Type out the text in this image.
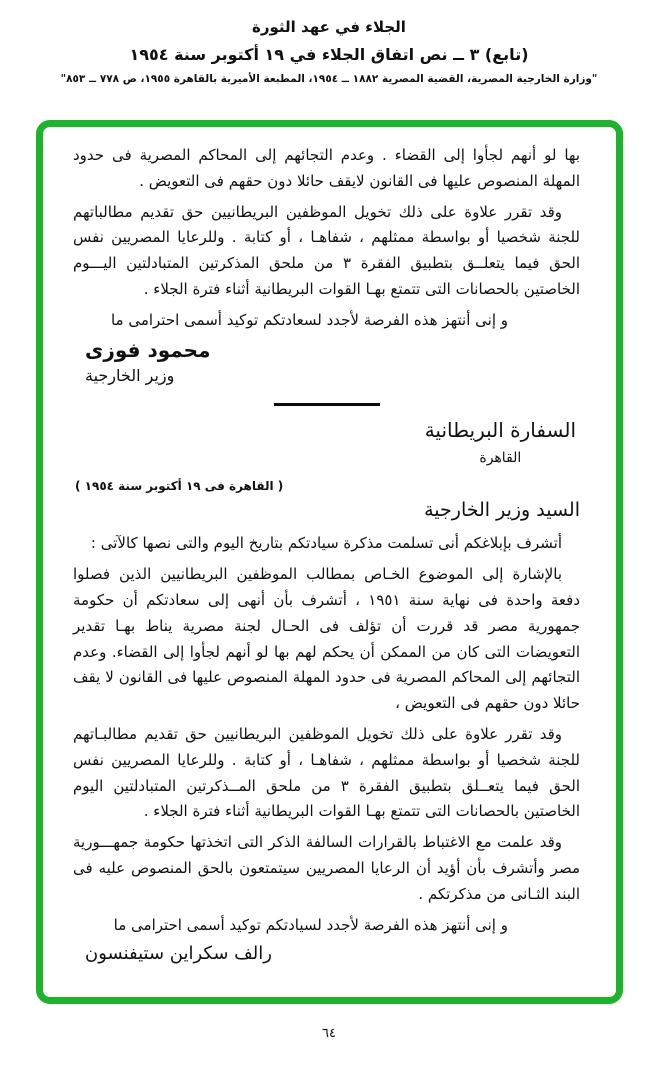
الجلاء في عهد الثورة
(تابع) ٣ ــ نص اتفاق الجلاء في ١٩ أكتوبر سنة ١٩٥٤
"وزارة الخارجية المصرية، القضية المصرية ١٨٨٢ ــ ١٩٥٤، المطبعة الأميرية بالقاهرة ١٩٥٥، ص ٧٧٨ ــ ٨٥٣"

بها لو أنهم لجأوا إلى القضاء . وعدم التجائهم إلى المحاكم المصرية فى حدود المهلة المنصوص عليها فى القانون لايقف حائلا دون حقهم فى التعويض .

وقد تقرر علاوة على ذلك تخويل الموظفين البريطانيين حق تقديم مطالباتهم للجنة شخصيا أو بواسطة ممثلهم ، شفاهـا ، أو كتابة . وللرعايا المصريين نفس الحق فيما يتعلــق بتطبيق الفقرة ٣ من ملحق المذكرتين المتبادلتين اليـــوم الخاصتين بالحصانات التى تتمتع بهـا القوات البريطانية أثناء فترة الجلاء .

و إنى أنتهز هذه الفرصة لأجدد لسعادتكم توكيد أسمى احترامى ما

محمود فوزى
وزير الخارجية
السفارة البريطانية
القاهرة
( القاهرة فى ١٩ أكتوبر سنة ١٩٥٤ )
السيد وزير الخارجية

أتشرف بإبلاغكم أنى تسلمت مذكرة سيادتكم بتاريخ اليوم والتى نصها كالآتى :

بالإشارة إلى الموضوع الخـاص بمطالب الموظفين البريطانيين الذين فصلوا دفعة واحدة فى نهاية سنة ١٩٥١ ، أتشرف بأن أنهى إلى سعادتكم أن حكومة جمهورية مصر قد قررت أن تؤلف فى الحـال لجنة مصرية يناط بهـا تقدير التعويضات التى كان من الممكن أن يحكم لهم بها لو أنهم لجأوا إلى القضاء. وعدم التجائهم إلى المحاكم المصرية فى حدود المهلة المنصوص عليها فى القانون لا يقف حائلا دون حقهم فى التعويض ،

وقد تقرر علاوة على ذلك تخويل الموظفين البريطانيين حق تقديم مطالبـاتهم للجنة شخصيا أو بواسطة ممثلهم ، شفاهـا ، أو كتابة . وللرعايا المصريين نفس الحق فيما يتعــلق بتطبيق الفقرة ٣ من ملحق المــذكرتين المتبادلتين اليوم الخاصتين بالحصانات التى تتمتع بهـا القوات البريطانية أثناء فترة الجلاء .

وقد علمت مع الاغتباط بالقرارات السالفة الذكر التى اتخذتها حكومة جمهـــورية مصر وأتشرف بأن أؤيد أن الرعايا المصريين سيتمتعون بالحق المنصوص عليه فى البند الثـانى من مذكرتكم .

و إنى أنتهز هذه الفرصة لأجدد لسيادتكم توكيد أسمى احترامى ما

رالف سكراين ستيفنسون
٦٤
